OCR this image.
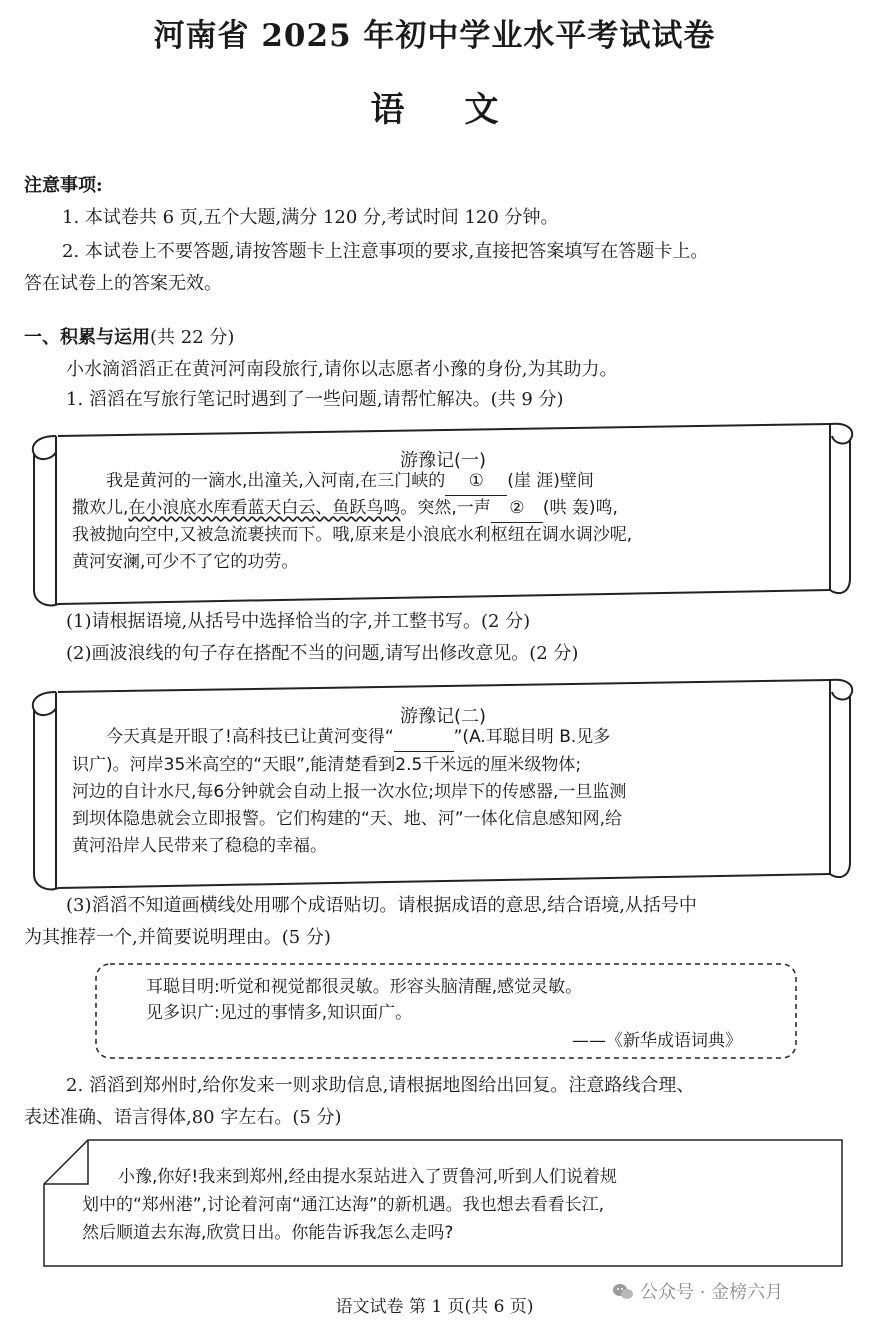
河南省 2025 年初中学业水平考试试卷
语文
注意事项:
1. 本试卷共 6 页,五个大题,满分 120 分,考试时间 120 分钟。
2. 本试卷上不要答题,请按答题卡上注意事项的要求,直接把答案填写在答题卡上。
答在试卷上的答案无效。
一、积累与运用(共 22 分)
小水滴滔滔正在黄河河南段旅行,请你以志愿者小豫的身份,为其助力。
1. 滔滔在写旅行笔记时遇到了一些问题,请帮忙解决。(共 9 分)
游豫记(一)
我是黄河的一滴水,出潼关,入河南,在三门峡的 ① (崖 涯)壁间
撒欢儿,在小浪底水库看蓝天白云、鱼跃鸟鸣。突然,一声 ② (哄 轰)鸣,
我被抛向空中,又被急流裹挟而下。哦,原来是小浪底水利枢纽在调水调沙呢,
黄河安澜,可少不了它的功劳。
(1)请根据语境,从括号中选择恰当的字,并工整书写。(2 分)
(2)画波浪线的句子存在搭配不当的问题,请写出修改意见。(2 分)
游豫记(二)
今天真是开眼了!高科技已让黄河变得“	”(A.耳聪目明 B.见多
识广)。河岸35米高空的“天眼”,能清楚看到2.5千米远的厘米级物体;
河边的自计水尺,每6分钟就会自动上报一次水位;坝岸下的传感器,一旦监测
到坝体隐患就会立即报警。它们构建的“天、地、河”一体化信息感知网,给
黄河沿岸人民带来了稳稳的幸福。
(3)滔滔不知道画横线处用哪个成语贴切。请根据成语的意思,结合语境,从括号中
为其推荐一个,并简要说明理由。(5 分)
耳聪目明:听觉和视觉都很灵敏。形容头脑清醒,感觉灵敏。
见多识广:见过的事情多,知识面广。
——《新华成语词典》
2. 滔滔到郑州时,给你发来一则求助信息,请根据地图给出回复。注意路线合理、
表述准确、语言得体,80 字左右。(5 分)
小豫,你好!我来到郑州,经由提水泵站进入了贾鲁河,听到人们说着规
划中的“郑州港”,讨论着河南“通江达海”的新机遇。我也想去看看长江,
然后顺道去东海,欣赏日出。你能告诉我怎么走吗?
公众号 · 金榜六月
语文试卷 第 1 页(共 6 页)
